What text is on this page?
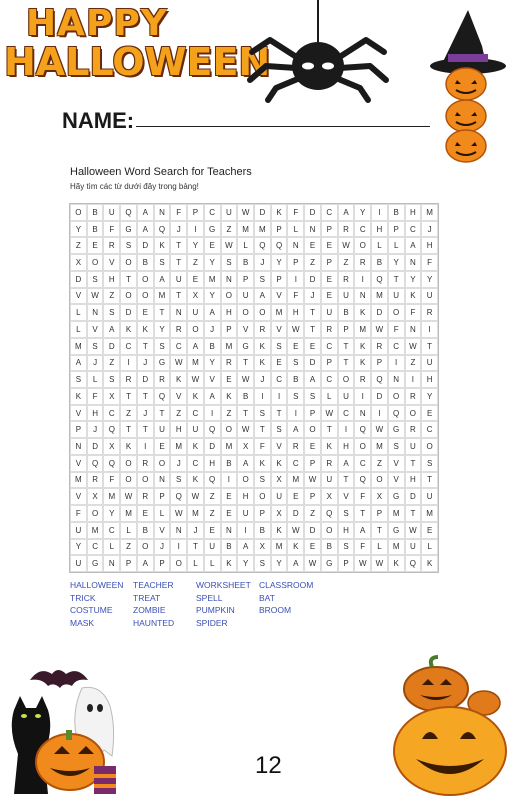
HAPPY
HALLOWEEN
NAME:
Halloween Word Search for Teachers
Hãy tìm các từ dưới đây trong bảng!
O	B	U	Q	A	N	F	P	C	U	W	D	K	F	D	C	A	Y	I	B	H	M
Y	B	F	G	A	Q	J	I	G	Z	M	M	P	L	N	P	R	C	H	P	C	J
Z	E	R	S	D	K	T	Y	E	W	L	Q	Q	N	E	E	W	O	L	L	A	H
X	O	V	O	B	S	T	Z	Y	S	B	J	Y	P	Z	P	Z	R	B	Y	N	F
D	S	H	T	O	A	U	E	M	N	P	S	P	I	D	E	R	I	Q	T	Y	Y
V	W	Z	O	O	M	T	X	Y	O	U	A	V	F	J	E	U	N	M	U	K	U
L	N	S	D	E	T	N	U	A	H	O	O	M	H	T	U	B	K	D	O	F	R
L	V	A	K	K	Y	R	O	J	P	V	R	V	W	T	R	P	M	W	F	N	I
M	S	D	C	T	S	C	A	B	M	G	K	S	E	E	C	T	K	R	C	W	T
A	J	Z	I	J	G	W	M	Y	R	T	K	E	S	D	P	T	K	P	I	Z	U
S	L	S	R	D	R	K	W	V	E	W	J	C	B	A	C	O	R	Q	N	I	H
K	F	X	T	T	Q	V	K	A	K	B	I	I	S	S	L	U	I	D	O	R	Y
V	H	C	Z	J	T	Z	C	I	Z	T	S	T	I	P	W	C	N	I	Q	O	E
P	J	Q	T	T	U	H	U	Q	O	W	T	S	A	O	T	I	Q	W	G	R	C
N	D	X	K	I	E	M	K	D	M	X	F	V	R	E	K	H	O	M	S	U	O
V	Q	Q	O	R	O	J	C	H	B	A	K	K	C	P	R	A	C	Z	V	T	S
M	R	F	O	O	N	S	K	Q	I	O	S	X	M	W	U	T	Q	O	V	H	T
V	X	M	W	R	P	Q	W	Z	E	H	O	U	E	P	X	V	F	X	G	D	U
F	O	Y	M	E	L	W	M	Z	E	U	P	X	D	Z	Q	S	T	P	M	T	M
U	M	C	L	B	V	N	J	E	N	I	B	K	W	D	O	H	A	T	G	W	E
Y	C	L	Z	O	J	I	T	U	B	A	X	M	K	E	B	S	F	L	M	U	L
U	G	N	P	A	P	O	L	L	K	Y	S	Y	A	W	G	P	W	W	K	Q	K
HALLOWEEN	TEACHER	WORKSHEET CLASSROOM
TRICK	TREAT	SPELL	BAT
COSTUME	ZOMBIE	PUMPKIN	BROOM
MASK	HAUNTED	SPIDER
12
